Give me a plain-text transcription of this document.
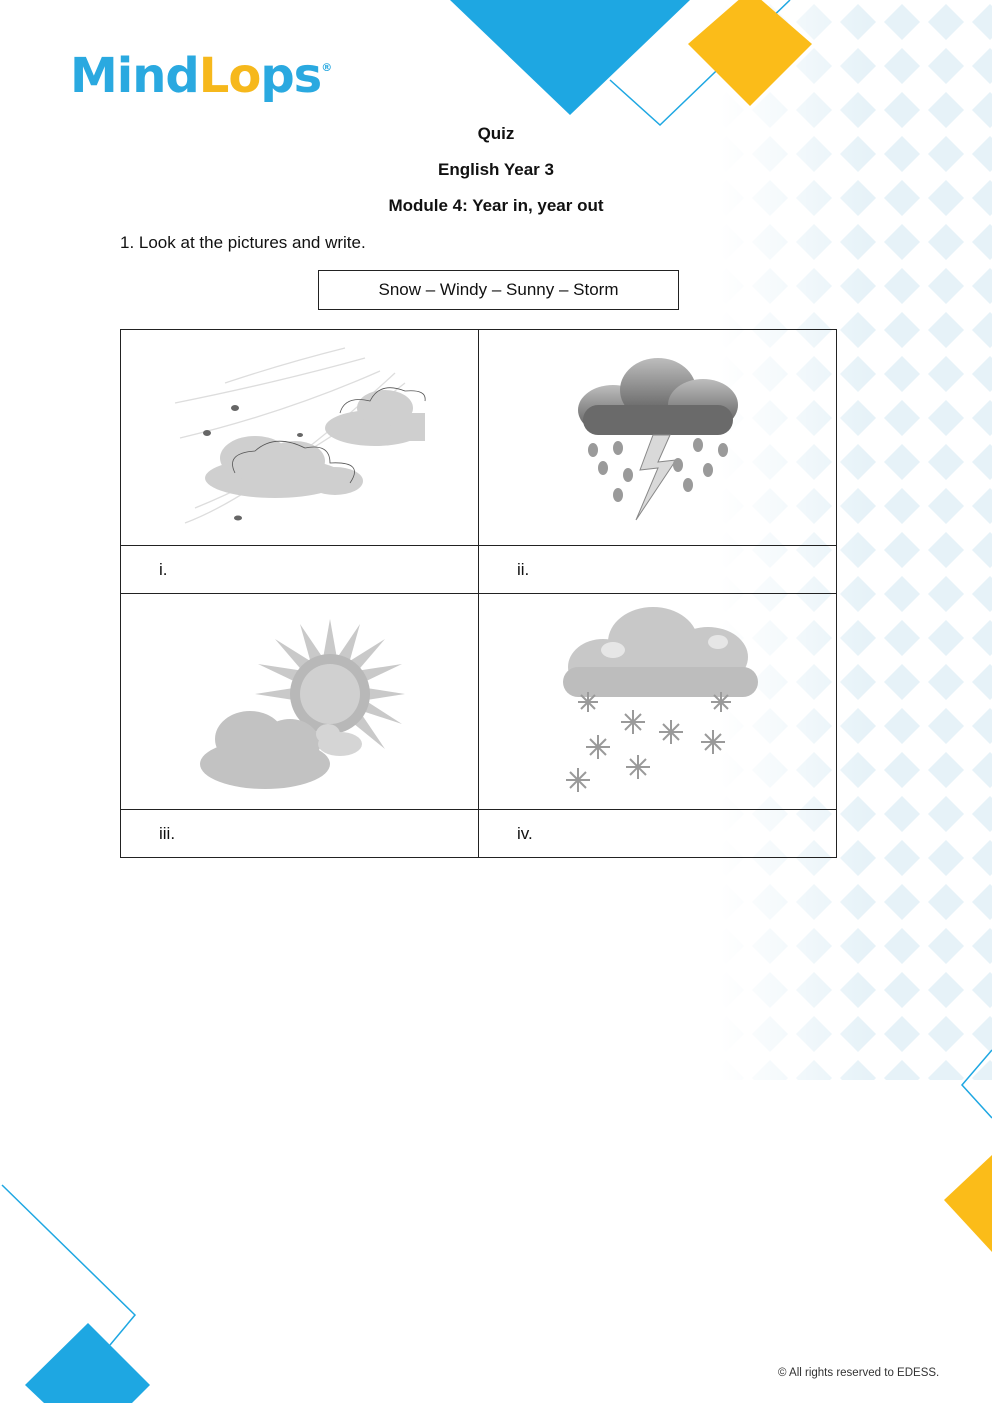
MindLops®
Quiz
English Year 3
Module 4: Year in, year out
1. Look at the pictures and write.
Snow – Windy – Sunny – Storm

i.	ii.

iii.	iv.
© All rights reserved to EDESS.
